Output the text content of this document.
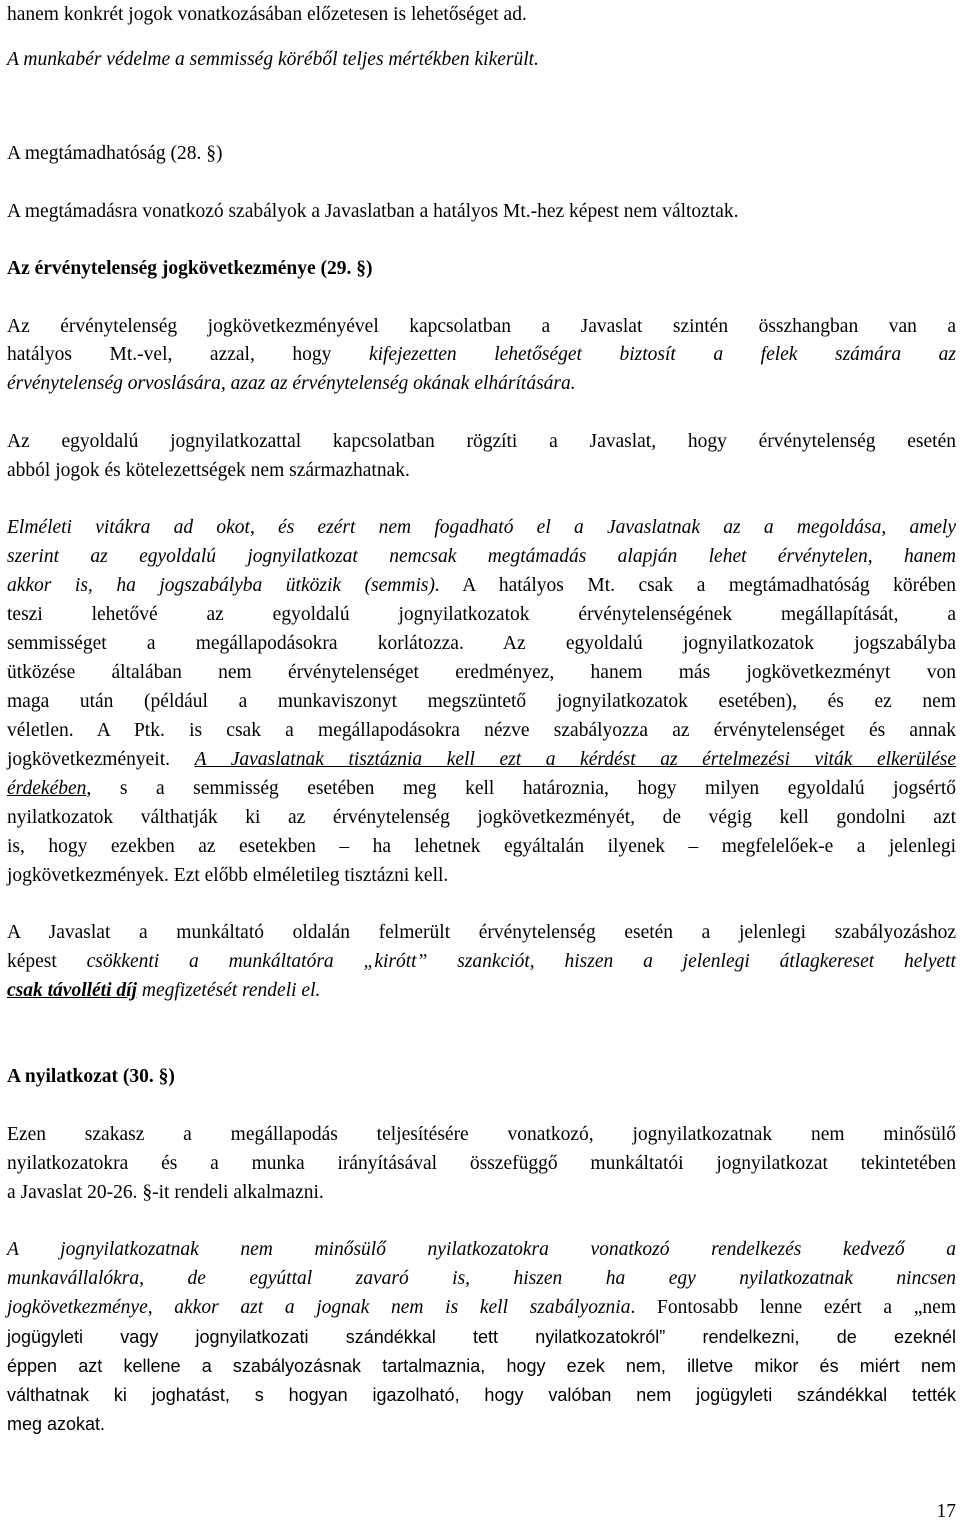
hanem konkrét jogok vonatkozásában előzetesen is lehetőséget ad.
A munkabér védelme a semmisség köréből teljes mértékben kikerült.
A megtámadhatóság (28. §)
A megtámadásra vonatkozó szabályok a Javaslatban a hatályos Mt.-hez képest nem változtak.
Az érvénytelenség jogkövetkezménye (29. §)
Az érvénytelenség jogkövetkezményével kapcsolatban a Javaslat szintén összhangban van a
hatályos Mt.-vel, azzal, hogy kifejezetten lehetőséget biztosít a felek számára az
érvénytelenség orvoslására, azaz az érvénytelenség okának elhárítására.
Az egyoldalú jognyilatkozattal kapcsolatban rögzíti a Javaslat, hogy érvénytelenség esetén
abból jogok és kötelezettségek nem származhatnak.
Elméleti vitákra ad okot, és ezért nem fogadható el a Javaslatnak az a megoldása, amely
szerint az egyoldalú jognyilatkozat nemcsak megtámadás alapján lehet érvénytelen, hanem
akkor is, ha jogszabályba ütközik (semmis). A hatályos Mt. csak a megtámadhatóság körében
teszi lehetővé az egyoldalú jognyilatkozatok érvénytelenségének megállapítását, a
semmisséget a megállapodásokra korlátozza. Az egyoldalú jognyilatkozatok jogszabályba
ütközése általában nem érvénytelenséget eredményez, hanem más jogkövetkezményt von
maga után (például a munkaviszonyt megszüntető jognyilatkozatok esetében), és ez nem
véletlen. A Ptk. is csak a megállapodásokra nézve szabályozza az érvénytelenséget és annak
jogkövetkezményeit. A Javaslatnak tisztáznia kell ezt a kérdést az értelmezési viták elkerülése
érdekében, s a semmisség esetében meg kell határoznia, hogy milyen egyoldalú jogsértő
nyilatkozatok válthatják ki az érvénytelenség jogkövetkezményét, de végig kell gondolni azt
is, hogy ezekben az esetekben – ha lehetnek egyáltalán ilyenek – megfelelőek-e a jelenlegi
jogkövetkezmények. Ezt előbb elméletileg tisztázni kell.
A Javaslat a munkáltató oldalán felmerült érvénytelenség esetén a jelenlegi szabályozáshoz
képest csökkenti a munkáltatóra „kirótt” szankciót, hiszen a jelenlegi átlagkereset helyett
csak távolléti díj megfizetését rendeli el.
A nyilatkozat (30. §)
Ezen szakasz a megállapodás teljesítésére vonatkozó, jognyilatkozatnak nem minősülő
nyilatkozatokra és a munka irányításával összefüggő munkáltatói jognyilatkozat tekintetében
a Javaslat 20-26. §-it rendeli alkalmazni.
A jognyilatkozatnak nem minősülő nyilatkozatokra vonatkozó rendelkezés kedvező a
munkavállalókra, de egyúttal zavaró is, hiszen ha egy nyilatkozatnak nincsen
jogkövetkezménye, akkor azt a jognak nem is kell szabályoznia. Fontosabb lenne ezért a „nem
jogügyleti vagy jognyilatkozati szándékkal tett nyilatkozatokról” rendelkezni, de ezeknél
éppen azt kellene a szabályozásnak tartalmaznia, hogy ezek nem, illetve mikor és miért nem
válthatnak ki joghatást, s hogyan igazolható, hogy valóban nem jogügyleti szándékkal tették
meg azokat.
17
